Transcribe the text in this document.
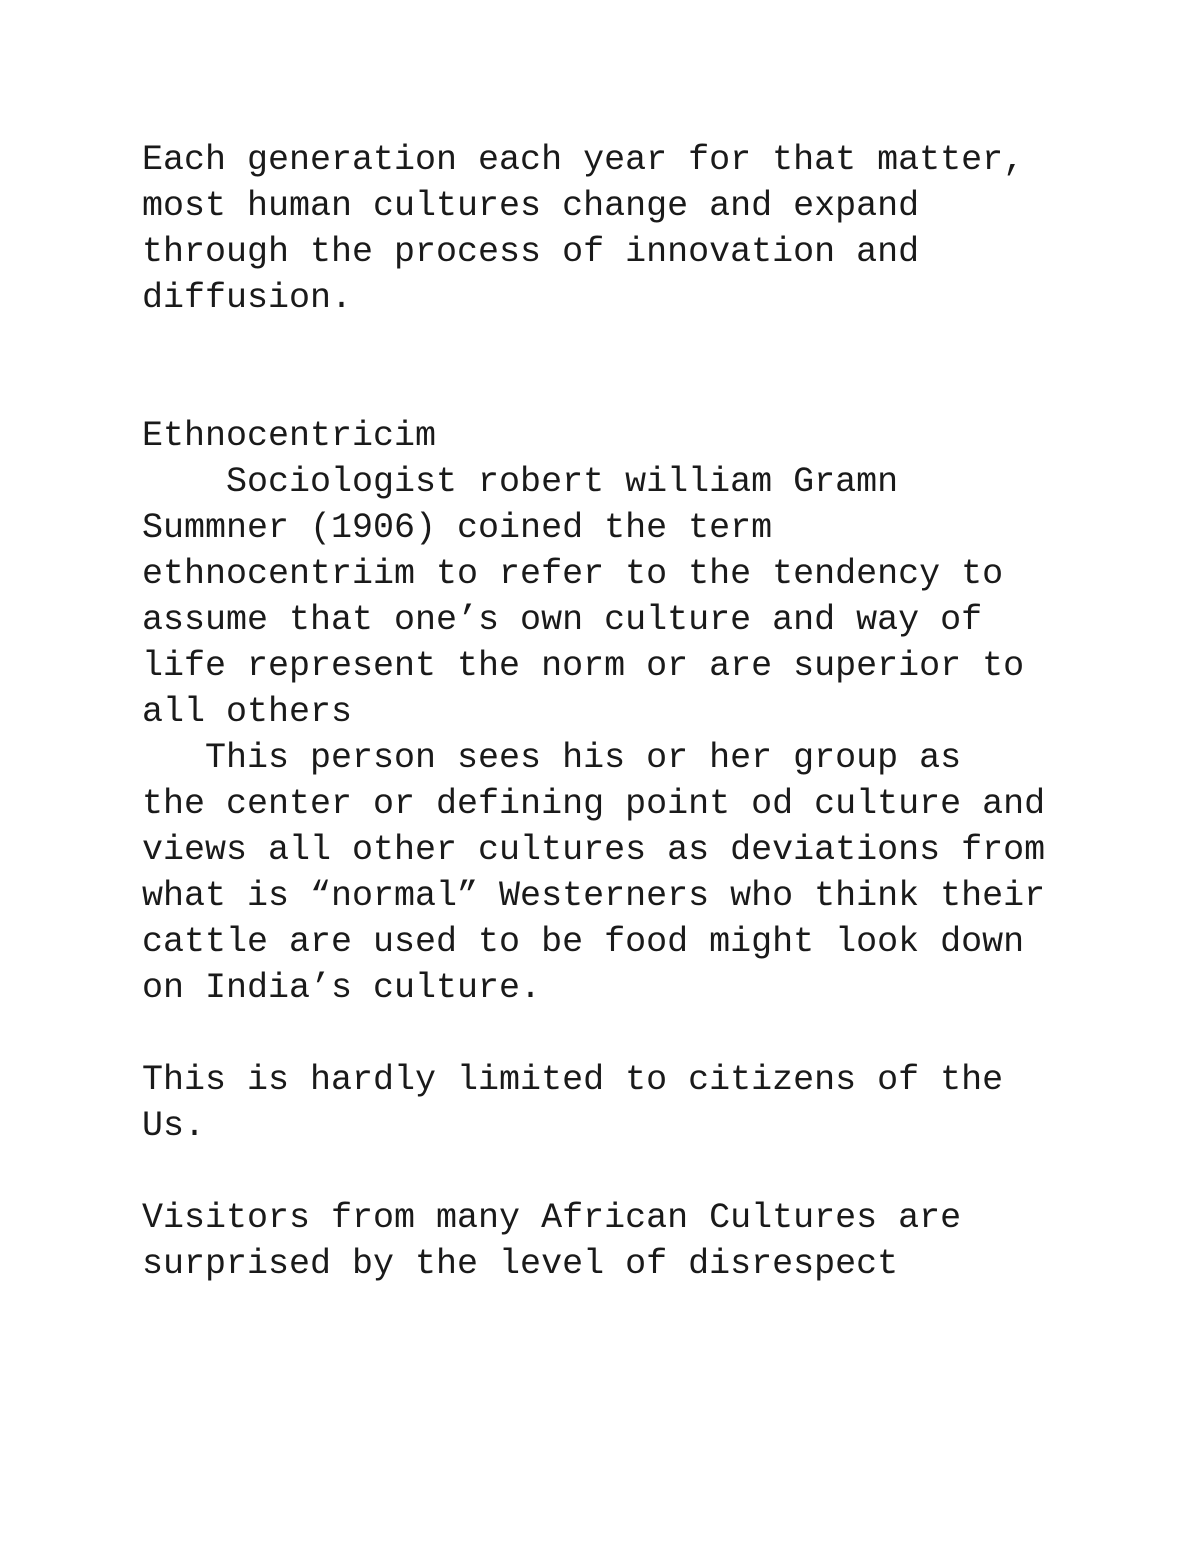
Each generation each year for that matter,

most human cultures change and expand

through the process of innovation and

diffusion.

Ethnocentricim

Sociologist robert william Gramn

Summner (1906) coined the term

ethnocentriim to refer to the tendency to

assume that one’s own culture and way of

life represent the norm or are superior to

all others

This person sees his or her group as

the center or defining point od culture and

views all other cultures as deviations from

what is “normal” Westerners who think their

cattle are used to be food might look down

on India’s culture.

This is hardly limited to citizens of the

Us.

Visitors from many African Cultures are

surprised by the level of disrespect
